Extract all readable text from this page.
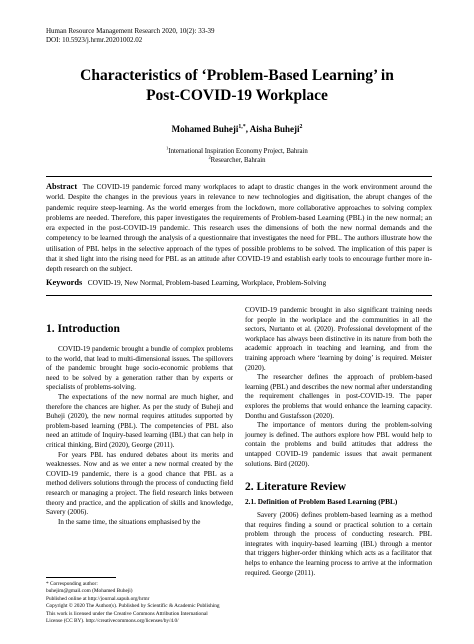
Human Resource Management Research 2020, 10(2): 33-39
DOI: 10.5923/j.hrmr.20201002.02
Characteristics of ‘Problem-Based Learning’ in
Post-COVID-19 Workplace
Mohamed Buheji$^{1,*}$, Aisha Buheji$^2$
$^1$International Inspiration Economy Project, Bahrain
$^2$Researcher, Bahrain
Abstract The COVID-19 pandemic forced many workplaces to adapt to drastic changes in the work environment around the world. Despite the changes in the previous years in relevance to new technologies and digitisation, the abrupt changes of the pandemic require steep-learning. As the world emerges from the lockdown, more collaborative approaches to solving complex problems are needed. Therefore, this paper investigates the requirements of Problem-based Learning (PBL) in the new normal; an era expected in the post-COVID-19 pandemic. This research uses the dimensions of both the new normal demands and the competency to be learned through the analysis of a questionnaire that investigates the need for PBL. The authors illustrate how the utilisation of PBL helps in the selective approach of the types of possible problems to be solved. The implication of this paper is that it shed light into the rising need for PBL as an attitude after COVID-19 and establish early tools to encourage further more in-depth research on the subject.
Keywords COVID-19, New Normal, Problem-based Learning, Workplace, Problem-Solving
1. Introduction

COVID-19 pandemic brought a bundle of complex problems to the world, that lead to multi-dimensional issues. The spillovers of the pandemic brought huge socio-economic problems that need to be solved by a generation rather than by experts or specialists of problems-solving.

The expectations of the new normal are much higher, and therefore the chances are higher. As per the study of Buheji and Buheji (2020), the new normal requires attitudes supported by problem-based learning (PBL). The competencies of PBL also need an attitude of Inquiry-based learning (IBL) that can help in critical thinking, Bird (2020), George (2011).

For years PBL has endured debates about its merits and weaknesses. Now and as we enter a new normal created by the COVID-19 pandemic, there is a good chance that PBL as a method delivers solutions through the process of conducting field research or managing a project. The field research links between theory and practice, and the application of skills and knowledge, Savery (2006).

In the same time, the situations emphasised by the

COVID-19 pandemic brought in also significant training needs for people in the workplace and the communities in all the sectors, Nurtanto et al. (2020). Professional development of the workplace has always been distinctive in its nature from both the academic approach in teaching and learning, and from the training approach where ‘learning by doing’ is required. Meister (2020).

The researcher defines the approach of problem-based learning (PBL) and describes the new normal after understanding the requirement challenges in post-COVID-19. The paper explores the problems that would enhance the learning capacity. Donthu and Gustafsson (2020).

The importance of mentors during the problem-solving journey is defined. The authors explore how PBL would help to contain the problems and build attitudes that address the untapped COVID-19 pandemic issues that await permanent solutions. Bird (2020).

2. Literature Review
2.1. Definition of Problem Based Learning (PBL)

Savery (2006) defines problem-based learning as a method that requires finding a sound or practical solution to a certain problem through the process of conducting research. PBL integrates with inquiry-based learning (IBL) through a mentor that triggers higher-order thinking which acts as a facilitator that helps to enhance the learning process to arrive at the information required. George (2011).

* Corresponding author:
buhejim@gmail.com (Mohamed Buheji)
Published online at http://journal.sapub.org/hrmr
Copyright © 2020 The Author(s). Published by Scientific & Academic Publishing
This work is licensed under the Creative Commons Attribution International
License (CC BY). http://creativecommons.org/licenses/by/4.0/
